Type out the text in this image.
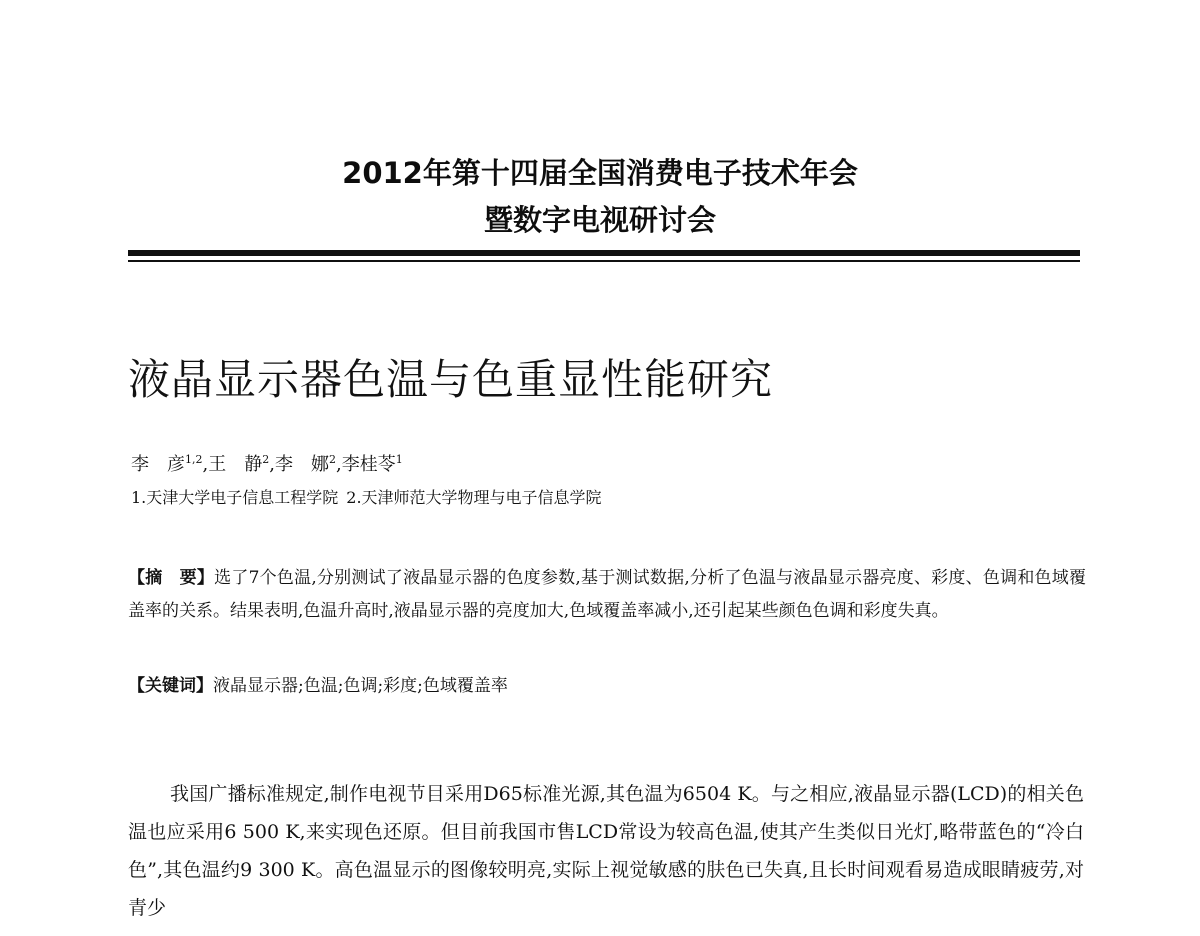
2012年第十四届全国消费电子技术年会
暨数字电视研讨会
液晶显示器色温与色重显性能研究
李　彦$^{1,2}$,王　静$^2$,李　娜$^2$,李桂苓$^1$
1.天津大学电子信息工程学院 2.天津师范大学物理与电子信息学院
【摘　要】选了7个色温,分别测试了液晶显示器的色度参数,基于测试数据,分析了色温与液晶显示器亮度、彩度、色调和色域覆盖率的关系。结果表明,色温升高时,液晶显示器的亮度加大,色域覆盖率减小,还引起某些颜色色调和彩度失真。
【关键词】液晶显示器;色温;色调;彩度;色域覆盖率
我国广播标准规定,制作电视节目采用D65标准光源,其色温为6504 K。与之相应,液晶显示器(LCD)的相关色温也应采用6 500 K,来实现色还原。但目前我国市售LCD常设为较高色温,使其产生类似日光灯,略带蓝色的“冷白色”,其色温约9 300 K。高色温显示的图像较明亮,实际上视觉敏感的肤色已失真,且长时间观看易造成眼睛疲劳,对青少
